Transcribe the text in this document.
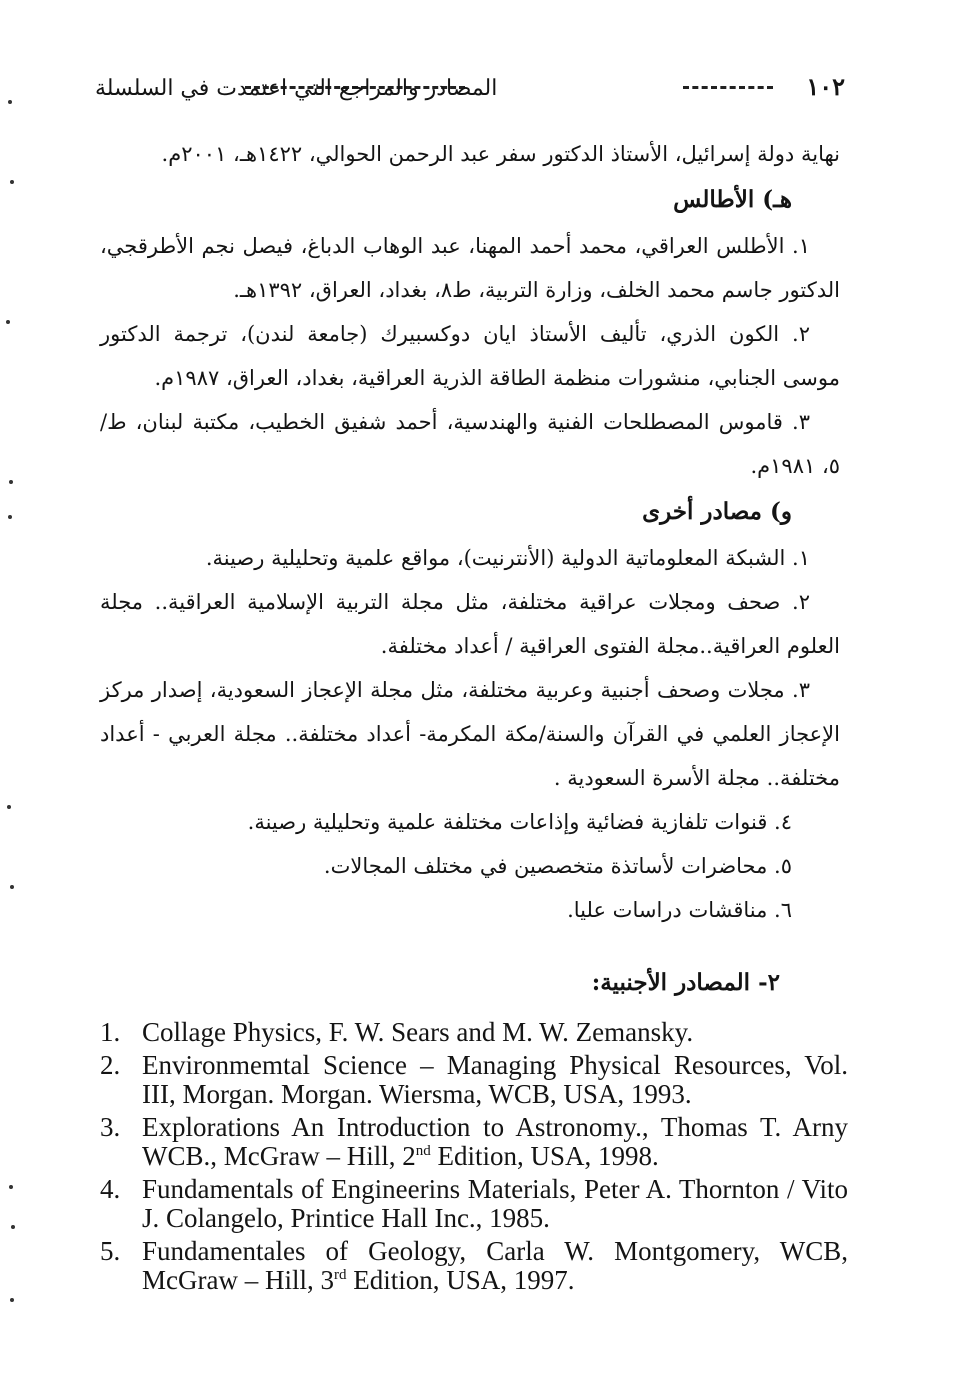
١٠٢
المصادر والمراجع التي اعتمدت في السلسلة

نهاية دولة إسرائيل، الأستاذ الدكتور سفر عبد الرحمن الحوالي، ١٤٢٢هـ، ٢٠٠١م.

هـ) الأطالس

١. الأطلس العراقي، محمد أحمد المهنا، عبد الوهاب الدباغ، فيصل نجم الأطرقجي، الدكتور جاسم محمد الخلف، وزارة التربية، ط٨، بغداد، العراق، ١٣٩٢هـ.

٢. الكون الذري، تأليف الأستاذ ايان دوكسبيرك (جامعة لندن)، ترجمة الدكتور موسى الجنابي، منشورات منظمة الطاقة الذرية العراقية، بغداد، العراق، ١٩٨٧م.

٣. قاموس المصطلحات الفنية والهندسية، أحمد شفيق الخطيب، مكتبة لبنان، ط/ ٥، ١٩٨١م.

و) مصادر أخرى

١. الشبكة المعلوماتية الدولية (الأنترنيت)، مواقع علمية وتحليلية رصينة.

٢. صحف ومجلات عراقية مختلفة، مثل مجلة التربية الإسلامية العراقية.. مجلة العلوم العراقية..مجلة الفتوى العراقية / أعداد مختلفة.

٣. مجلات وصحف أجنبية وعربية مختلفة، مثل مجلة الإعجاز السعودية، إصدار مركز الإعجاز العلمي في القرآن والسنة/مكة المكرمة- أعداد مختلفة.. مجلة العربي - أعداد مختلفة.. مجلة الأسرة السعودية .

٤. قنوات تلفازية فضائية وإذاعات مختلفة علمية وتحليلية رصينة.

٥. محاضرات لأساتذة متخصصين في مختلف المجالات.

٦. مناقشات دراسات عليا.

٢- المصادر الأجنبية:

1. Collage Physics, F. W. Sears and M. W. Zemansky.
2. Environmemtal Science – Managing Physical Resources, Vol. III, Morgan. Morgan. Wiersma, WCB, USA, 1993.
3. Explorations An Introduction to Astronomy., Thomas T. Arny WCB., McGraw – Hill, 2nd Edition, USA, 1998.
4. Fundamentals of Engineerins Materials, Peter A. Thornton / Vito J. Colangelo, Printice Hall Inc., 1985.
5. Fundamentales of Geology, Carla W. Montgomery, WCB, McGraw – Hill, 3rd Edition, USA, 1997.
